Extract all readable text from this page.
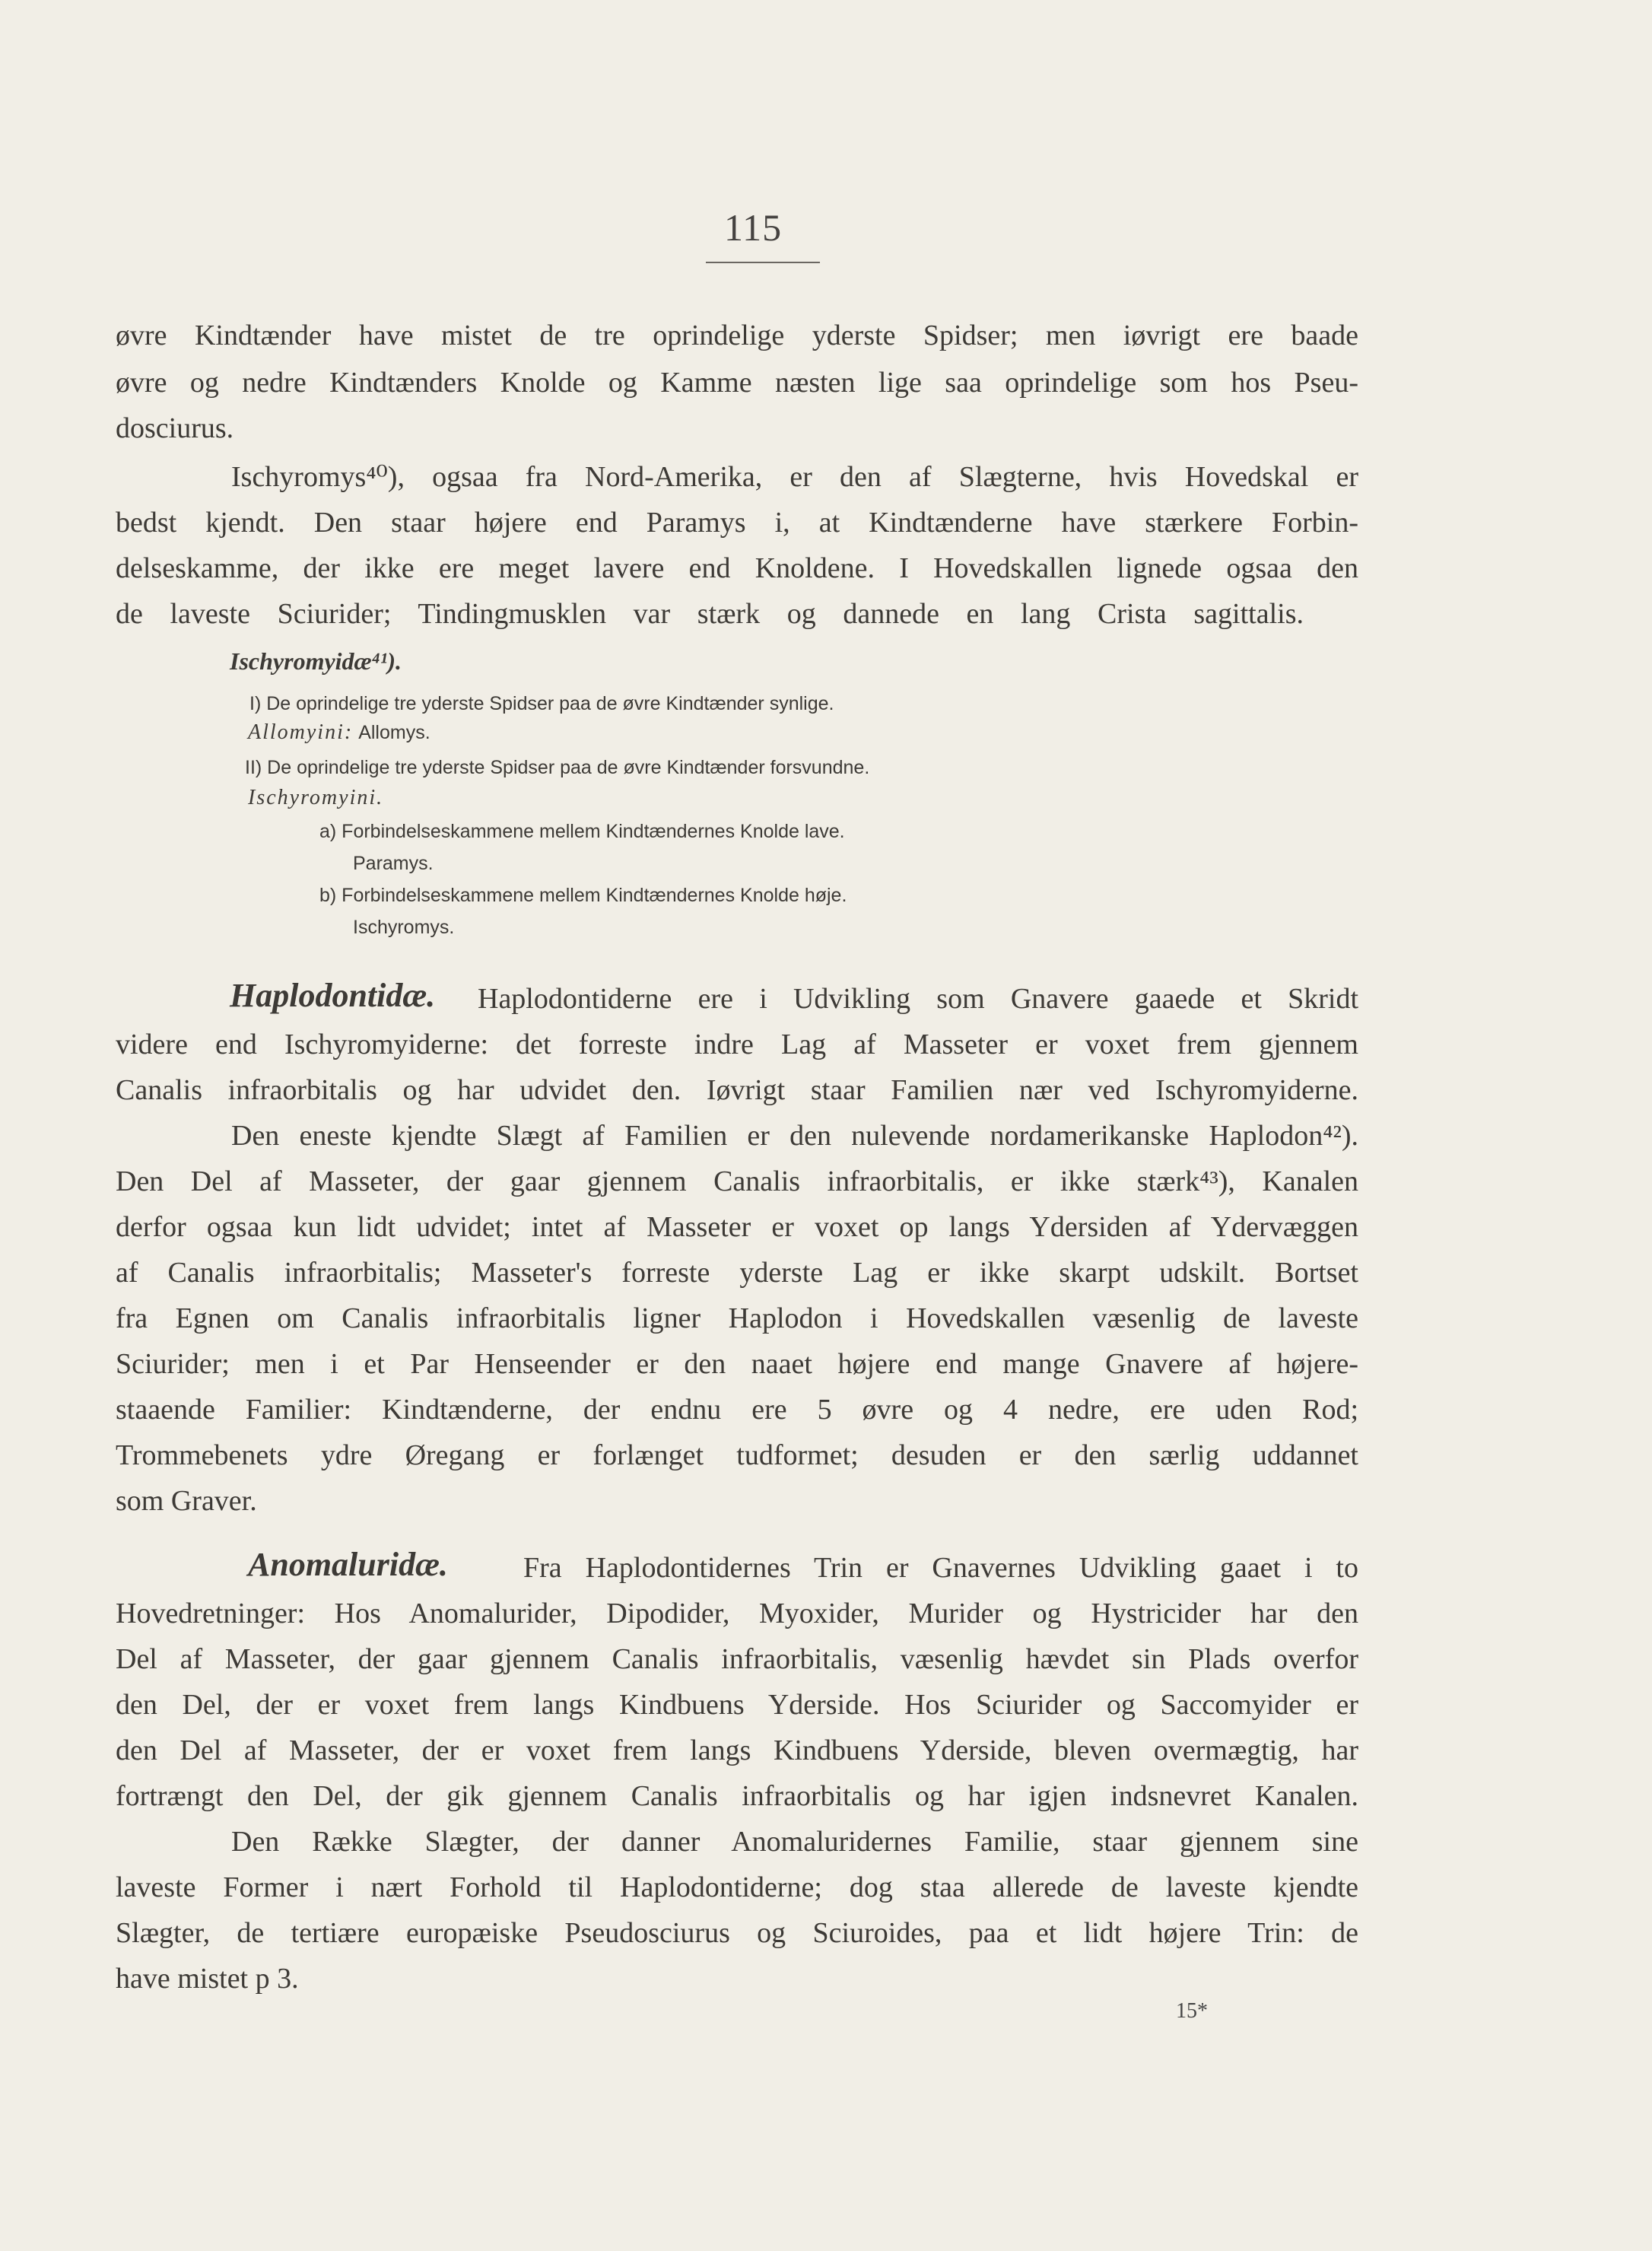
115
øvre Kindtænder have mistet de tre oprindelige yderste Spidser; men iøvrigt ere baade
øvre og nedre Kindtænders Knolde og Kamme næsten lige saa oprindelige som hos Pseu-
dosciurus.
Ischyromys⁴⁰), ogsaa fra Nord-Amerika, er den af Slægterne, hvis Hovedskal er
bedst kjendt. Den staar højere end Paramys i, at Kindtænderne have stærkere Forbin-
delseskamme, der ikke ere meget lavere end Knoldene. I Hovedskallen lignede ogsaa den
de laveste Sciurider; Tindingmusklen var stærk og dannede en lang Crista sagittalis.
Ischyromyidæ⁴¹).
I) De oprindelige tre yderste Spidser paa de øvre Kindtænder synlige.
Allomyini: Allomys.
II) De oprindelige tre yderste Spidser paa de øvre Kindtænder forsvundne.
Ischyromyini.
a) Forbindelseskammene mellem Kindtændernes Knolde lave.
Paramys.
b) Forbindelseskammene mellem Kindtændernes Knolde høje.
Ischyromys.
Haplodontidæ. Haplodontiderne ere i Udvikling som Gnavere gaaede et Skridt
videre end Ischyromyiderne: det forreste indre Lag af Masseter er voxet frem gjennem
Canalis infraorbitalis og har udvidet den. Iøvrigt staar Familien nær ved Ischyromyiderne.
Den eneste kjendte Slægt af Familien er den nulevende nordamerikanske Haplodon⁴²).
Den Del af Masseter, der gaar gjennem Canalis infraorbitalis, er ikke stærk⁴³), Kanalen
derfor ogsaa kun lidt udvidet; intet af Masseter er voxet op langs Ydersiden af Ydervæggen
af Canalis infraorbitalis; Masseter's forreste yderste Lag er ikke skarpt udskilt. Bortset
fra Egnen om Canalis infraorbitalis ligner Haplodon i Hovedskallen væsenlig de laveste
Sciurider; men i et Par Henseender er den naaet højere end mange Gnavere af højere-
staaende Familier: Kindtænderne, der endnu ere 5 øvre og 4 nedre, ere uden Rod;
Trommebenets ydre Øregang er forlænget tudformet; desuden er den særlig uddannet
som Graver.
Anomaluridæ.	Fra Haplodontidernes Trin er Gnavernes Udvikling gaaet i to
Hovedretninger: Hos Anomalurider, Dipodider, Myoxider, Murider og Hystricider har den
Del af Masseter, der gaar gjennem Canalis infraorbitalis, væsenlig hævdet sin Plads overfor
den Del, der er voxet frem langs Kindbuens Yderside. Hos Sciurider og Saccomyider er
den Del af Masseter, der er voxet frem langs Kindbuens Yderside, bleven overmægtig, har
fortrængt den Del, der gik gjennem Canalis infraorbitalis og har igjen indsnevret Kanalen.
Den Række Slægter, der danner Anomaluridernes Familie, staar gjennem sine
laveste Former i nært Forhold til Haplodontiderne; dog staa allerede de laveste kjendte
Slægter, de tertiære europæiske Pseudosciurus og Sciuroides, paa et lidt højere Trin: de
have mistet p 3.
15*
